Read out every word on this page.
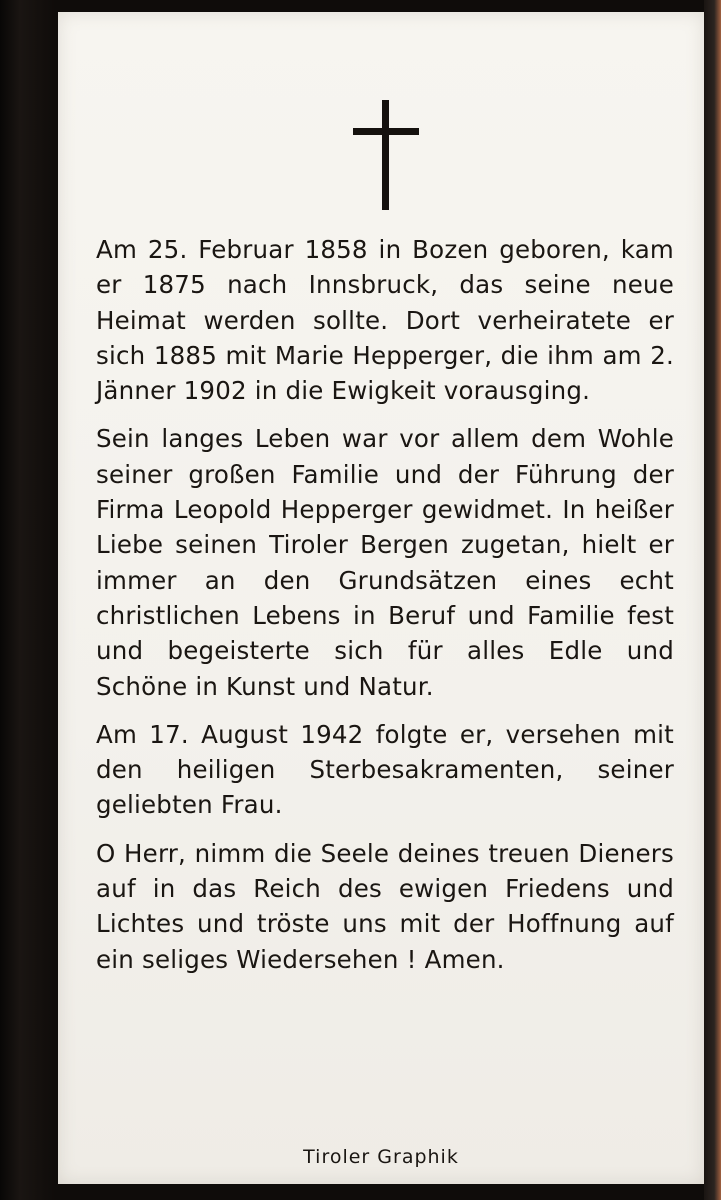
Am 25. Februar 1858 in Bozen geboren, kam er 1875 nach Innsbruck, das seine neue Heimat werden sollte. Dort verheiratete er sich 1885 mit Marie Hepperger, die ihm am 2. Jänner 1902 in die Ewigkeit vorausging.

Sein langes Leben war vor allem dem Wohle seiner großen Familie und der Führung der Firma Leopold Hepperger gewidmet. In heißer Liebe seinen Tiroler Bergen zugetan, hielt er immer an den Grundsätzen eines echt christlichen Lebens in Beruf und Familie fest und begeisterte sich für alles Edle und Schöne in Kunst und Natur.

Am 17. August 1942 folgte er, versehen mit den heiligen Sterbesakramenten, seiner geliebten Frau.

O Herr, nimm die Seele deines treuen Dieners auf in das Reich des ewigen Friedens und Lichtes und tröste uns mit der Hoffnung auf ein seliges Wiedersehen ! Amen.

Tiroler Graphik
